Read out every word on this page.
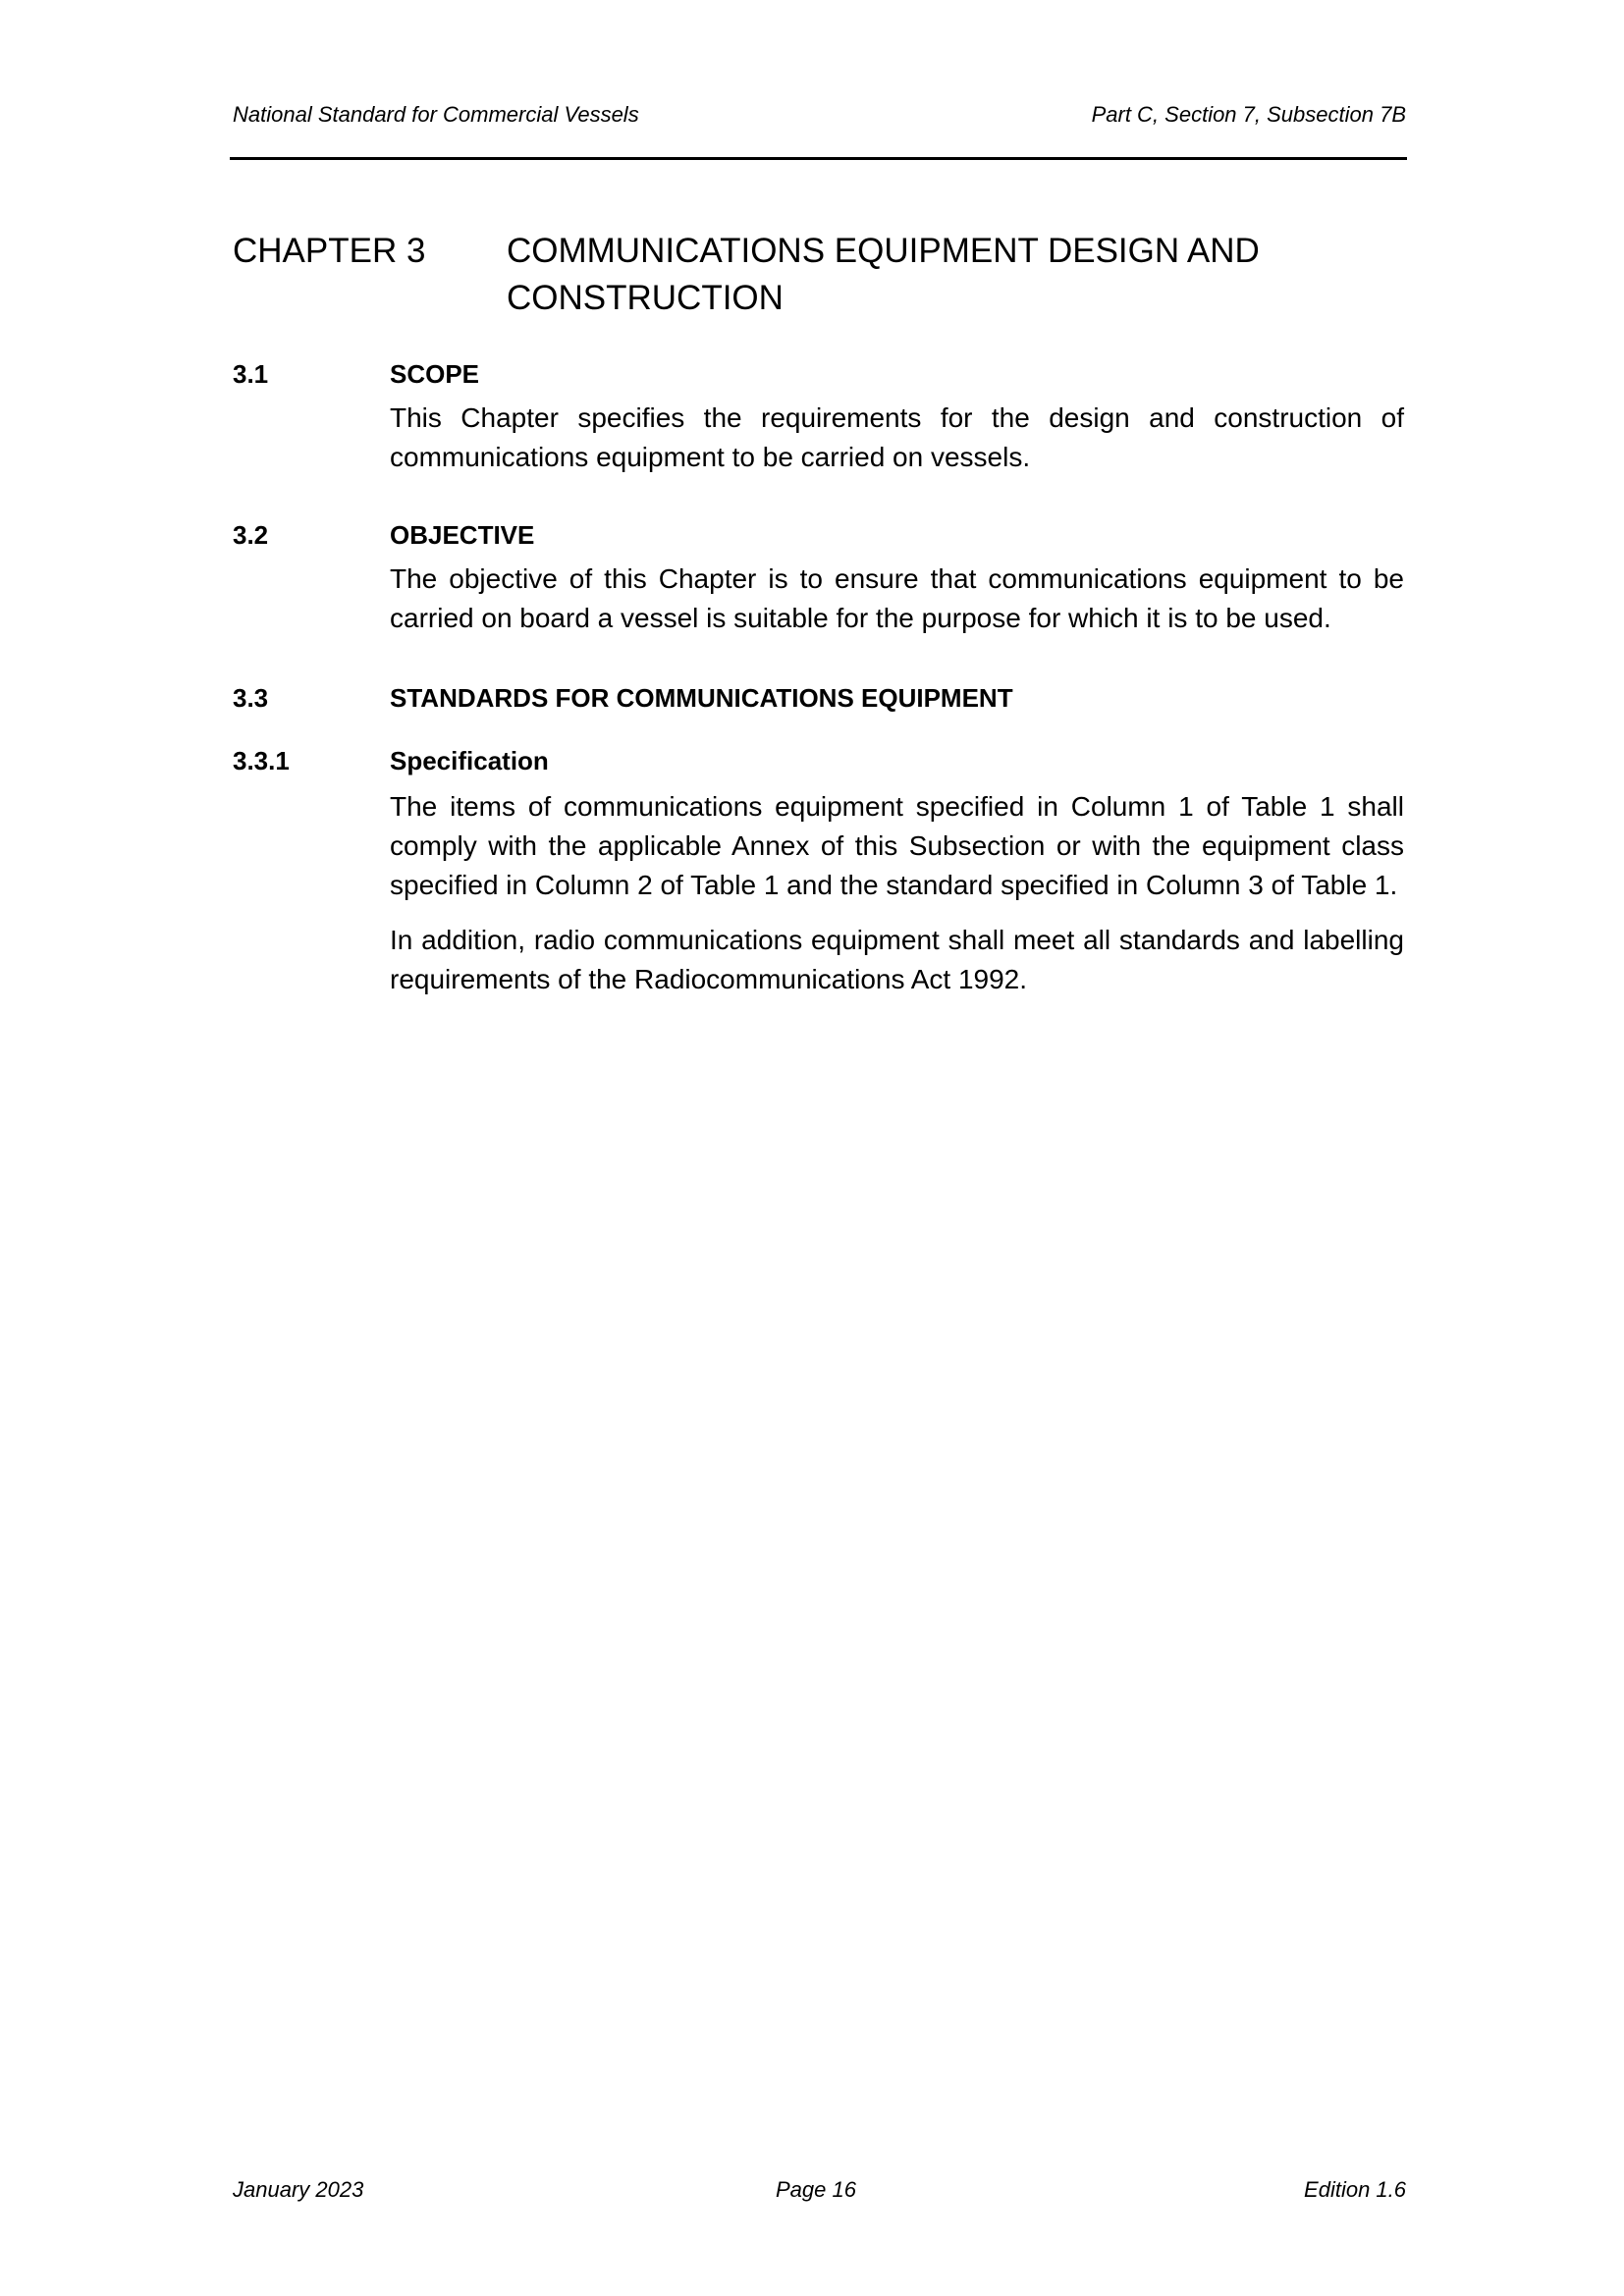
National Standard for Commercial Vessels	Part C, Section 7, Subsection 7B
CHAPTER 3 COMMUNICATIONS EQUIPMENT DESIGN AND CONSTRUCTION
3.1	SCOPE
This Chapter specifies the requirements for the design and construction of communications equipment to be carried on vessels.
3.2	OBJECTIVE
The objective of this Chapter is to ensure that communications equipment to be carried on board a vessel is suitable for the purpose for which it is to be used.
3.3	STANDARDS FOR COMMUNICATIONS EQUIPMENT
3.3.1	Specification
The items of communications equipment specified in Column 1 of Table 1 shall comply with the applicable Annex of this Subsection or with the equipment class specified in Column 2 of Table 1 and the standard specified in Column 3 of Table 1.
In addition, radio communications equipment shall meet all standards and labelling requirements of the Radiocommunications Act 1992.
January 2023	Page 16	Edition 1.6
